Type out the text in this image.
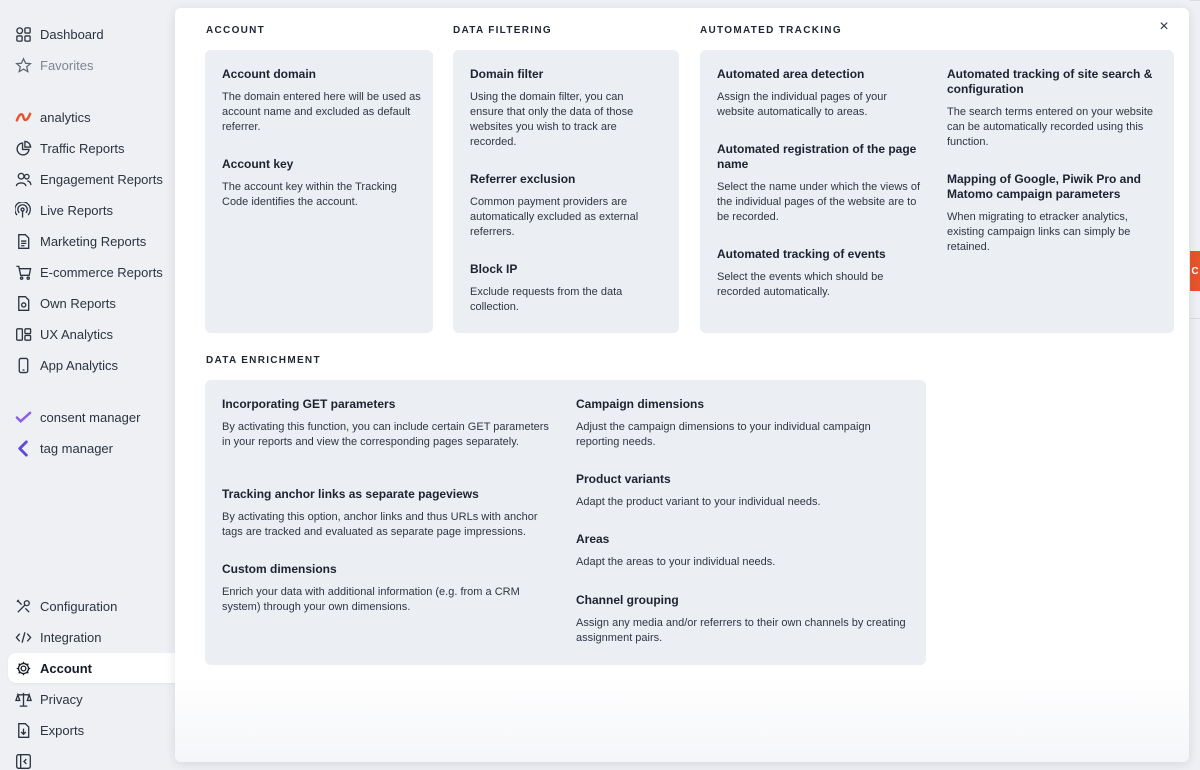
Dashboard
Favorites
analytics
Traffic Reports
Engagement Reports
Live Reports
Marketing Reports
E-commerce Reports
Own Reports
UX Analytics
App Analytics
consent manager
tag manager
Configuration
Integration
Account
Privacy
Exports
C
×
ACCOUNT
Account domain

The domain entered here will be used as account name and excluded as default referrer.

Account key

The account key within the Tracking Code identifies the account.

DATA FILTERING
Domain filter

Using the domain filter, you can ensure that only the data of those websites you wish to track are recorded.

Referrer exclusion

Common payment providers are automatically excluded as external referrers.

Block IP

Exclude requests from the data collection.

AUTOMATED TRACKING
Automated area detection

Assign the individual pages of your website automatically to areas.

Automated registration of the page name

Select the name under which the views of the individual pages of the website are to be recorded.

Automated tracking of events

Select the events which should be recorded automatically.

Automated tracking of site search & configuration

The search terms entered on your website can be automatically recorded using this function.

Mapping of Google, Piwik Pro and Matomo campaign parameters

When migrating to etracker analytics, existing campaign links can simply be retained.

DATA ENRICHMENT
Incorporating GET parameters

By activating this function, you can include certain GET parameters in your reports and view the corresponding pages separately.

Tracking anchor links as separate pageviews

By activating this option, anchor links and thus URLs with anchor tags are tracked and evaluated as separate page impressions.

Custom dimensions

Enrich your data with additional information (e.g. from a CRM system) through your own dimensions.

Campaign dimensions

Adjust the campaign dimensions to your individual campaign reporting needs.

Product variants

Adapt the product variant to your individual needs.

Areas

Adapt the areas to your individual needs.

Channel grouping

Assign any media and/or referrers to their own channels by creating assignment pairs.
